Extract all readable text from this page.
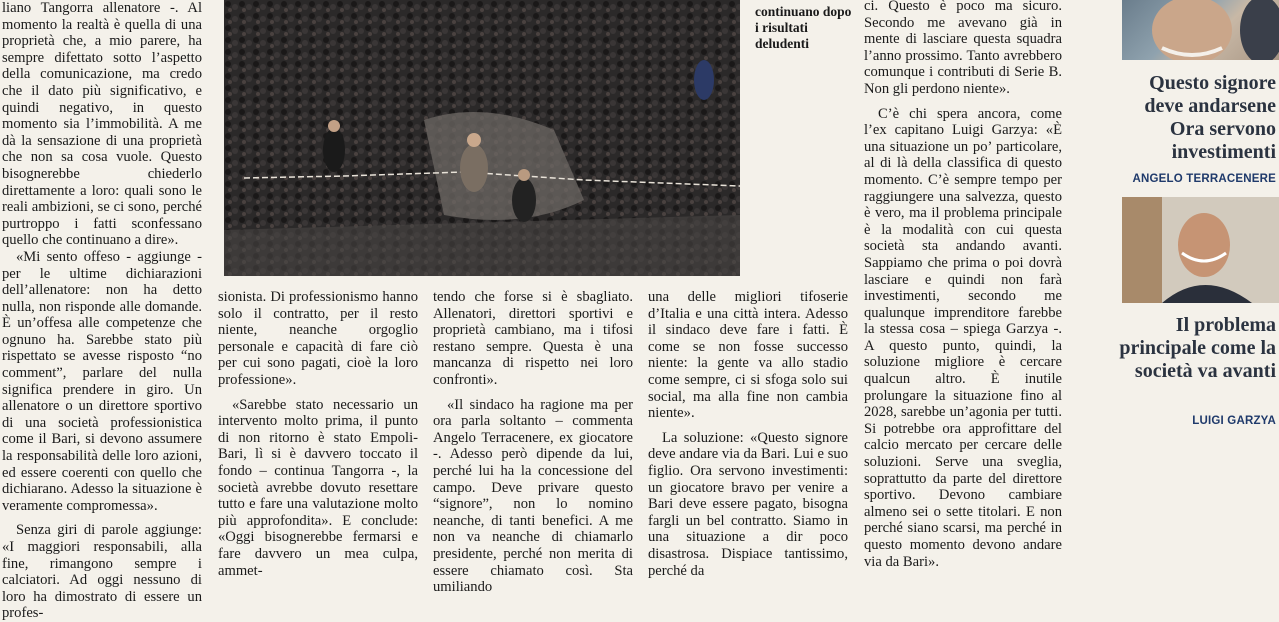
liano Tangorra allenatore -. Al momento la realtà è quella di una proprietà che, a mio parere, ha sempre difettato sotto l’aspetto della comunicazione, ma credo che il dato più significativo, e quindi negativo, in questo momento sia l’immobilità. A me dà la sensazione di una proprietà che non sa cosa vuole. Questo bisognerebbe chiederlo direttamente a loro: quali sono le reali ambizioni, se ci sono, perché purtroppo i fatti sconfessano quello che continuano a dire».

«Mi sento offeso - aggiunge - per le ultime dichiarazioni dell’allenatore: non ha detto nulla, non risponde alle domande. È un’offesa alle competenze che ognuno ha. Sarebbe stato più rispettato se avesse risposto “no comment”, parlare del nulla significa prendere in giro. Un allenatore o un direttore sportivo di una società professionistica come il Bari, si devono assumere la responsabilità delle loro azioni, ed essere coerenti con quello che dichiarano. Adesso la situazione è veramente compromessa».

Senza giri di parole aggiunge: «I maggiori responsabili, alla fine, rimangono sempre i calciatori. Ad oggi nessuno di loro ha dimostrato di essere un profes-

continuano dopo i risultati deludenti

sionista. Di professionismo hanno solo il contratto, per il resto niente, neanche orgoglio personale e capacità di fare ciò per cui sono pagati, cioè la loro professione».

«Sarebbe stato necessario un intervento molto prima, il punto di non ritorno è stato Empoli-Bari, lì si è davvero toccato il fondo – continua Tangorra -, la società avrebbe dovuto resettare tutto e fare una valutazione molto più approfondita». E conclude: «Oggi bisognerebbe fermarsi e fare davvero un mea culpa, ammet-

tendo che forse si è sbagliato. Allenatori, direttori sportivi e proprietà cambiano, ma i tifosi restano sempre. Questa è una mancanza di rispetto nei loro confronti».

«Il sindaco ha ragione ma per ora parla soltanto – commenta Angelo Terracenere, ex giocatore -. Adesso però dipende da lui, perché lui ha la concessione del campo. Deve privare questo “signore”, non lo nomino neanche, di tanti benefici. A me non va neanche di chiamarlo presidente, perché non merita di essere chiamato così. Sta umiliando

una delle migliori tifoserie d’Italia e una città intera. Adesso il sindaco deve fare i fatti. È come se non fosse successo niente: la gente va allo stadio come sempre, ci si sfoga solo sui social, ma alla fine non cambia niente».

La soluzione: «Questo signore deve andare via da Bari. Lui e suo figlio. Ora servono investimenti: un giocatore bravo per venire a Bari deve essere pagato, bisogna fargli un bel contratto. Siamo in una situazione a dir poco disastrosa. Dispiace tantissimo, perché da

ci. Questo è poco ma sicuro. Secondo me avevano già in mente di lasciare questa squadra l’anno prossimo. Tanto avrebbero comunque i contributi di Serie B. Non gli perdono niente».

C’è chi spera ancora, come l’ex capitano Luigi Garzya: «È una situazione un po’ particolare, al di là della classifica di questo momento. C’è sempre tempo per raggiungere una salvezza, questo è vero, ma il problema principale è la modalità con cui questa società sta andando avanti. Sappiamo che prima o poi dovrà lasciare e quindi non farà investimenti, secondo me qualunque imprenditore farebbe la stessa cosa – spiega Garzya -. A questo punto, quindi, la soluzione migliore è cercare qualcun altro. È inutile prolungare la situazione fino al 2028, sarebbe un’agonia per tutti. Si potrebbe ora approfittare del calcio mercato per cercare delle soluzioni. Serve una sveglia, soprattutto da parte del direttore sportivo. Devono cambiare almeno sei o sette titolari. E non perché siano scarsi, ma perché in questo momento devono andare via da Bari».

Questo signore deve andarsene Ora servono investimenti
ANGELO TERRACENERE
Il problema principale come la società va avanti
LUIGI GARZYA
